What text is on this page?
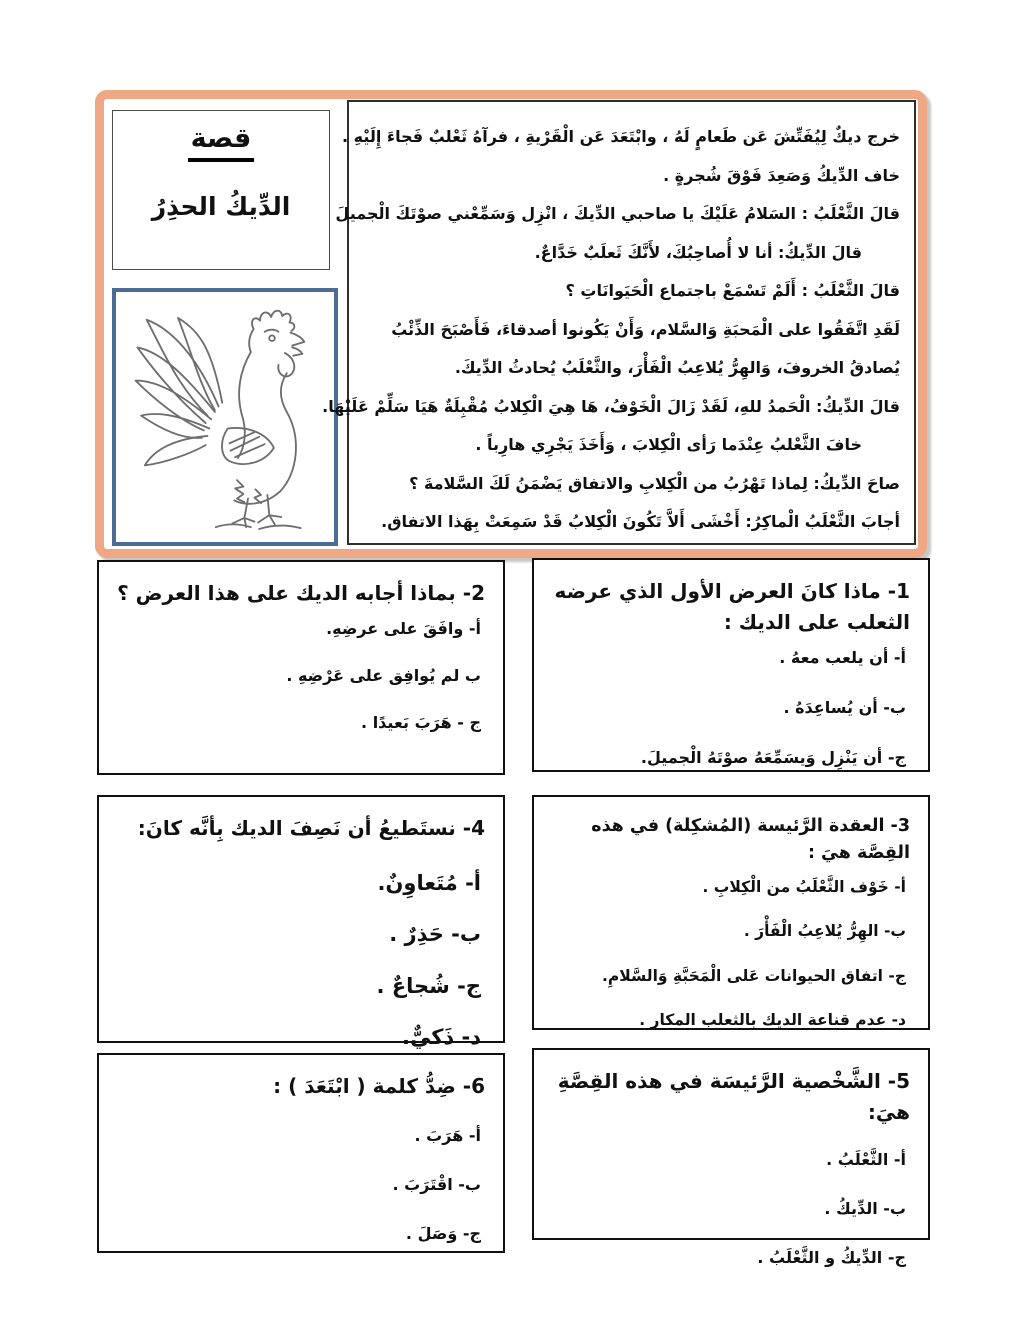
قصة
الدِّيكُ الحذِرُ

خرج ديكٌ لِيُفَتِّشَ عَن طَعامٍ لَهُ ، وابْتَعَدَ عَن الْقَرْيةِ ، فرآهُ ثَعْلبٌ فَجاءَ إِلَيْهِ .

خاف الدِّيكُ وَصَعِدَ فَوْقَ شُجرةٍ .

قالَ الثَّعْلَبُ : السَلامُ عَلَيْكَ يا صاحبي الدِّيكَ ، انْزِل وَسَمِّعْني صوْتَكَ الْجميلَ

قالَ الدِّيكُ: أنا لا أُصاحِبُكَ، لأَنَّكَ ثَعلَبٌ خَدَّاعٌ.

قالَ الثَّعْلَبُ : أَلَمْ تَسْمَعْ باجتماع الْحَيَوانَاتِ ؟

لَقَدِ اتَّفَقُوا على الْمَحبَةِ وَالسَّلام، وَأَنْ يَكُونوا أصدقاءَ، فَأَصْبَحَ الذِّئْبُ

يُصادقُ الخروفَ، وَالهِرُّ يُلاعِبُ الْفَأْرَ، والثَّعْلَبُ يُحادثُ الدِّيكَ.

قالَ الدِّيكُ: الْحَمدُ للهِ، لَقَدْ زَالَ الْخَوْفُ، هَا هِيَ الْكِلابُ مُقْبِلَةٌ هَيَا سَلِّمْ عَلَيْهَا.

خافَ الثَّعْلبُ عِنْدَما رَأى الْكِلابَ ، وَأَخَذَ يَجْرِي هارِباً .

صاحَ الدِّيكُ: لِماذا تَهْرُبُ من الْكِلابِ والاتفاق يَضْمَنُ لَكَ السَّلامةَ ؟

أجابَ الثَّعْلَبُ الْماكِرُ: أَخْشَى أَلاَّ تَكُونَ الْكِلابُ قَدْ سَمِعَتْ بِهَذا الاتفاق.

1- ماذا كانَ العرض الأول الذي عرضه الثعلب على الديك :

أ- أن يلعب معهُ .

ب- أن يُساعِدَهُ .

ج- أن يَنْزِل وَيسَمِّعَهُ صوْتَهُ الْجميلَ.

2- بماذا أجابه الديك على هذا العرض ؟

أ- وافَقَ على عرضِهِ.

ب لم يُوافِق على عَرْضِهِ .

ج - هَرَبَ بَعيدًا .

3- العقدة الرَّئيسة (المُشكِلة) في هذه القِصَّة هيَ :

أ- خَوْف الثَّعْلَبُ من الْكِلابِ .

ب- الهِرُّ يُلاعِبُ الْفَأْرَ .

ج- اتفاق الحيوانات عَلى الْمَحَبَّةِ وَالسَّلامِ.

د- عدم قناعة الديك بالثعلب المكار .

4- نستَطيعُ أن نَصِفَ الديك بِأنَّه كانَ:

أ- مُتَعاوِنٌ.

ب- حَذِرٌ .

ج- شُجاعٌ .

د- ذَكيٌّ.

5- الشَّخْصية الرَّئيسَة في هذه القِصَّةِ هيَ:

أ- الثَّعْلَبُ .

ب- الدِّيكُ .

ج- الدِّيكُ و الثَّعْلَبُ .

6- ضِدُّ كلمة ( ابْتَعَدَ ) :

أ- هَرَبَ .

ب- اقْتَرَبَ .

ج- وَصَلَ .
